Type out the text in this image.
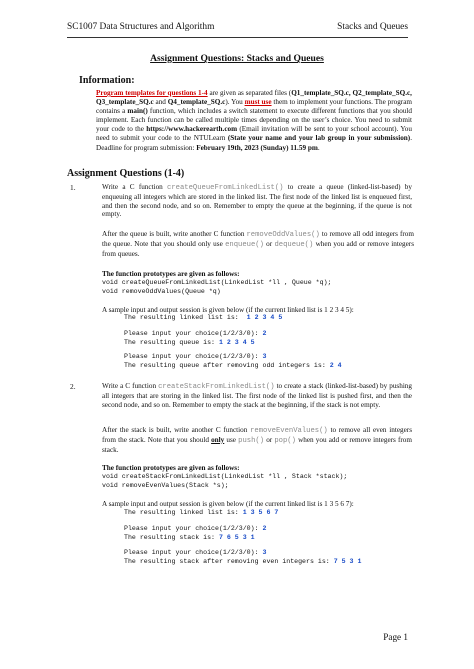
SC1007 Data Structures and Algorithm	Stacks and Queues
Assignment Questions: Stacks and Queues
Information:
Program templates for questions 1-4 are given as separated files (Q1_template_SQ.c, Q2_template_SQ.c, Q3_template_SQ.c and Q4_template_SQ.c). You must use them to implement your functions. The program contains a main() function, which includes a switch statement to execute different functions that you should implement. Each function can be called multiple times depending on the user’s choice. You need to submit your code to the https://www.hackerearth.com (Email invitation will be sent to your school account). You need to submit your code to the NTULearn (State your name and your lab group in your submission). Deadline for program submission: February 19th, 2023 (Sunday) 11.59 pm.
Assignment Questions (1-4)
1.	Write a C function createQueueFromLinkedList() to create a queue (linked-list-based) by enqueuing all integers which are stored in the linked list. The first node of the linked list is enqueued first, and then the second node, and so on. Remember to empty the queue at the beginning, if the queue is not empty.
After the queue is built, write another C function removeOddValues() to remove all odd integers from the queue. Note that you should only use enqueue() or dequeue() when you add or remove integers from queues.
The function prototypes are given as follows:
void createQueueFromLinkedList(LinkedList *ll , Queue *q);
void removeOddValues(Queue *q)
A sample input and output session is given below (if the current linked list is 1 2 3 4 5):
The resulting linked list is:  1 2 3 4 5
Please input your choice(1/2/3/0): 2
The resulting queue is: 1 2 3 4 5
Please input your choice(1/2/3/0): 3
The resulting queue after removing odd integers is: 2 4
2.	Write a C function createStackFromLinkedList() to create a stack (linked-list-based) by pushing all integers that are storing in the linked list. The first node of the linked list is pushed first, and then the second node, and so on. Remember to empty the stack at the beginning, if the stack is not empty.
After the stack is built, write another C function removeEvenValues() to remove all even integers from the stack. Note that you should only use push() or pop() when you add or remove integers from stack.
The function prototypes are given as follows:
void createStackFromLinkedList(LinkedList *ll , Stack *stack);
void removeEvenValues(Stack *s);
A sample input and output session is given below (if the current linked list is 1 3 5 6 7):
The resulting linked list is: 1 3 5 6 7
Please input your choice(1/2/3/0): 2
The resulting stack is: 7 6 5 3 1
Please input your choice(1/2/3/0): 3
The resulting stack after removing even integers is: 7 5 3 1
Page 1
